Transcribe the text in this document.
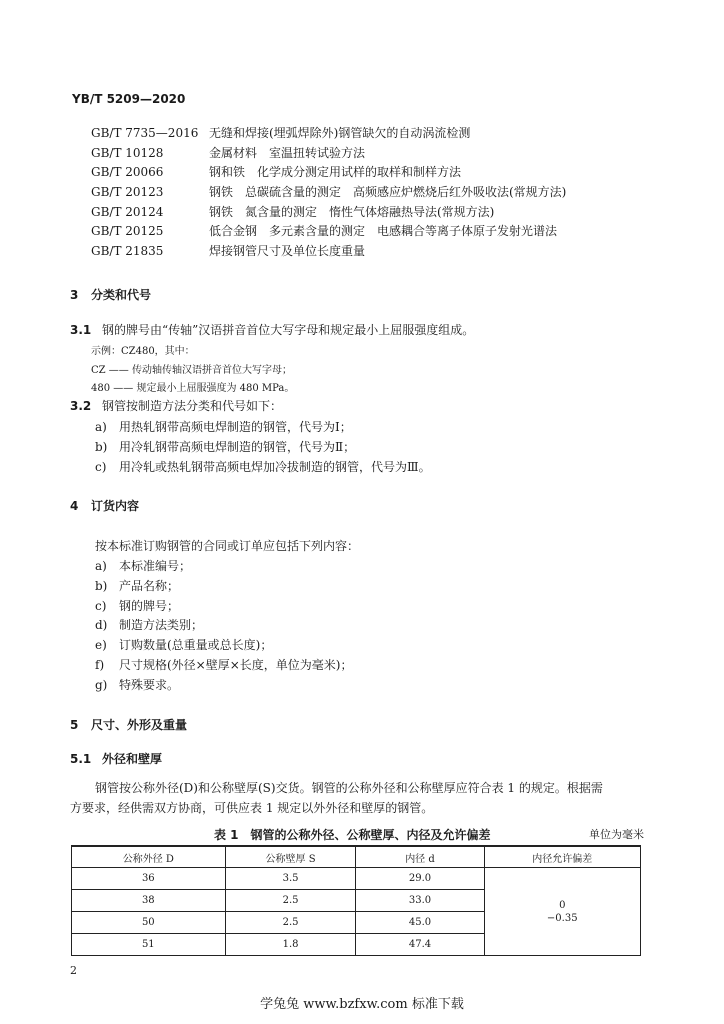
YB/T 5209—2020
GB/T 7735—2016 无缝和焊接(埋弧焊除外)钢管缺欠的自动涡流检测
GB/T 10128	金属材料　室温扭转试验方法
GB/T 20066	钢和铁　化学成分测定用试样的取样和制样方法
GB/T 20123	钢铁　总碳硫含量的测定　高频感应炉燃烧后红外吸收法(常规方法)
GB/T 20124	钢铁　氮含量的测定　惰性气体熔融热导法(常规方法)
GB/T 20125	低合金钢　多元素含量的测定　电感耦合等离子体原子发射光谱法
GB/T 21835	焊接钢管尺寸及单位长度重量
3 分类和代号
3.1 钢的牌号由“传轴”汉语拼音首位大写字母和规定最小上屈服强度组成。
示例：CZ480，其中：
CZ —— 传动轴传轴汉语拼音首位大写字母；
480 —— 规定最小上屈服强度为 480 MPa。
3.2 钢管按制造方法分类和代号如下：
a) 用热轧钢带高频电焊制造的钢管，代号为Ⅰ；
b) 用冷轧钢带高频电焊制造的钢管，代号为Ⅱ；
c) 用冷轧或热轧钢带高频电焊加冷拔制造的钢管，代号为Ⅲ。
4 订货内容
按本标准订购钢管的合同或订单应包括下列内容：
a) 本标准编号；
b) 产品名称；
c) 钢的牌号；
d) 制造方法类别；
e) 订购数量(总重量或总长度)；
f) 尺寸规格(外径×壁厚×长度，单位为毫米)；
g) 特殊要求。
5 尺寸、外形及重量
5.1 外径和壁厚
钢管按公称外径(D)和公称壁厚(S)交货。钢管的公称外径和公称壁厚应符合表 1 的规定。根据需
方要求，经供需双方协商，可供应表 1 规定以外外径和壁厚的钢管。
表 1　钢管的公称外径、公称壁厚、内径及允许偏差	单位为毫米
公称外径 D	公称壁厚 S	内径 d	内径允许偏差
36	3.5	29.0	0
−0.35

38	2.5	33.0	
50	2.5	45.0	
51	1.8	47.4	
2
学兔兔 www.bzfxw.com 标准下载
